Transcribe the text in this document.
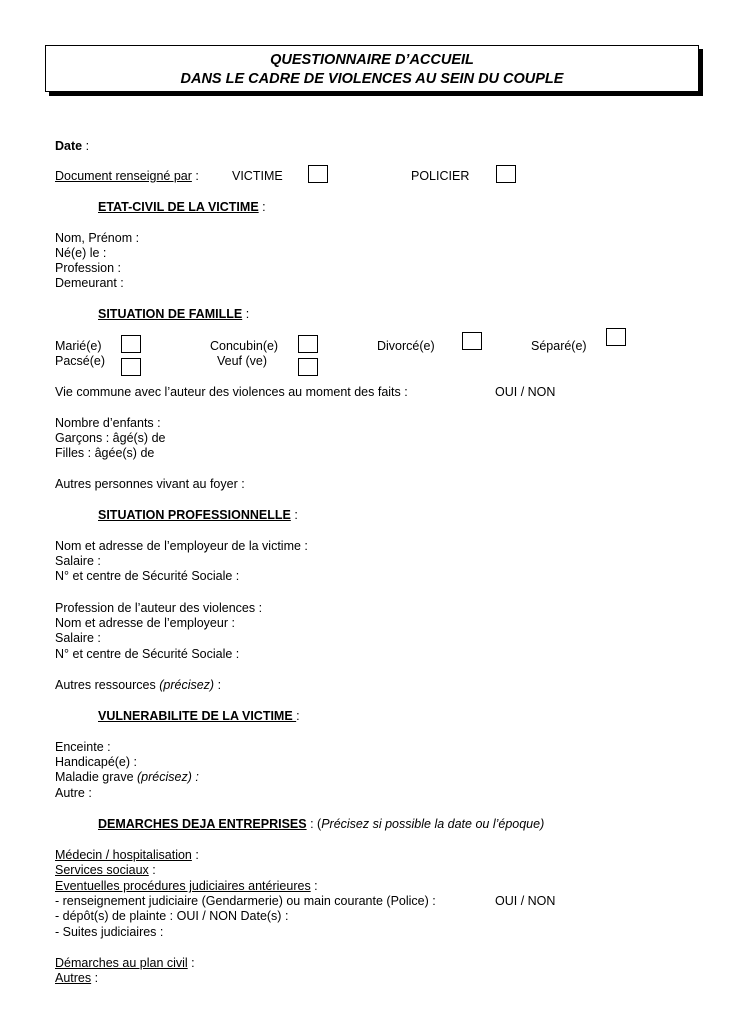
QUESTIONNAIRE D’ACCUEIL
DANS LE CADRE DE VIOLENCES AU SEIN DU COUPLE
Date :
Document renseigné par :	VICTIME	POLICIER
ETAT-CIVIL DE LA VICTIME :
Nom, Prénom :
Né(e) le :
Profession :
Demeurant :
SITUATION DE FAMILLE :
Marié(e)	Concubin(e)	Divorcé(e)	Séparé(e)
Pacsé(e)	Veuf (ve)
Vie commune avec l’auteur des violences au moment des faits :	OUI / NON
Nombre d’enfants :
Garçons : âgé(s) de
Filles : âgée(s) de
Autres personnes vivant au foyer :
SITUATION PROFESSIONNELLE :
Nom et adresse de l’employeur de la victime :
Salaire :
N° et centre de Sécurité Sociale :
Profession de l’auteur des violences :
Nom et adresse de l’employeur :
Salaire :
N° et centre de Sécurité Sociale :
Autres ressources (précisez) :
VULNERABILITE DE LA VICTIME :
Enceinte :
Handicapé(e) :
Maladie grave (précisez) :
Autre :
DEMARCHES DEJA ENTREPRISES : (Précisez si possible la date ou l’époque)
Médecin / hospitalisation :
Services sociaux :
Eventuelles procédures judiciaires antérieures :
- renseignement judiciaire (Gendarmerie) ou main courante (Police) :	OUI / NON
- dépôt(s) de plainte : OUI / NON Date(s) :
- Suites judiciaires :
Démarches au plan civil :
Autres :
